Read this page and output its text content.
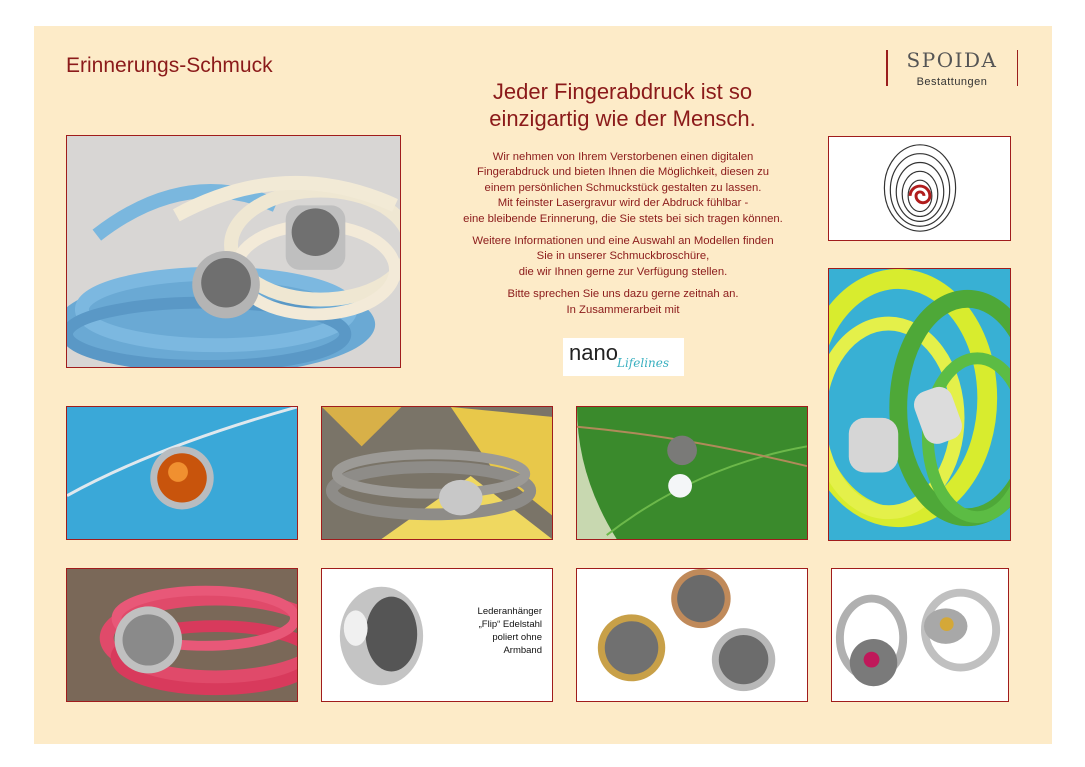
Erinnerungs-Schmuck	SPOIDA
Bestattungen
Jeder Fingerabdruck ist so
einzigartig wie der Mensch.

Wir nehmen von Ihrem Verstorbenen einen digitalen
Fingerabdruck und bieten Ihnen die Möglichkeit, diesen zu
einem persönlichen Schmuckstück gestalten zu lassen.
Mit feinster Lasergravur wird der Abdruck fühlbar -
eine bleibende Erinnerung, die Sie stets bei sich tragen können.

Weitere Informationen und eine Auswahl an Modellen finden
Sie in unserer Schmuckbroschüre,
die wir Ihnen gerne zur Verfügung stellen.

Bitte sprechen Sie uns dazu gerne zeitnah an.
In Zusammerarbeit mit

nano Lifelines
Lederanhänger
„Flip“ Edelstahl
poliert ohne
Armband
